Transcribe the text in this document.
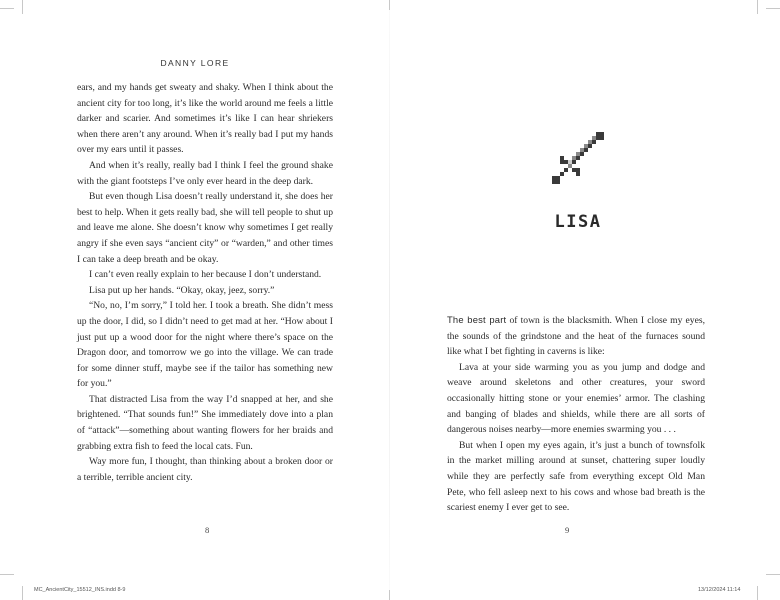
DANNY LORE

ears, and my hands get sweaty and shaky. When I think about the ancient city for too long, it’s like the world around me feels a little darker and scarier. And sometimes it’s like I can hear shriekers when there aren’t any around. When it’s really bad I put my hands over my ears until it passes.

And when it’s really, really bad I think I feel the ground shake with the giant footsteps I’ve only ever heard in the deep dark.

But even though Lisa doesn’t really understand it, she does her best to help. When it gets really bad, she will tell people to shut up and leave me alone. She doesn’t know why sometimes I get really angry if she even says “ancient city” or “warden,” and other times I can take a deep breath and be okay.

I can’t even really explain to her because I don’t understand.

Lisa put up her hands. “Okay, okay, jeez, sorry.”

“No, no, I’m sorry,” I told her. I took a breath. She didn’t mess up the door, I did, so I didn’t need to get mad at her. “How about I just put up a wood door for the night where there’s space on the Dragon door, and tomorrow we go into the village. We can trade for some dinner stuff, maybe see if the tailor has something new for you.”

That distracted Lisa from the way I’d snapped at her, and she brightened. “That sounds fun!” She immediately dove into a plan of “attack”—something about wanting flowers for her braids and grabbing extra fish to feed the local cats. Fun.

Way more fun, I thought, than thinking about a broken door or a terrible, terrible ancient city.

8
LISA

The best part of town is the blacksmith. When I close my eyes, the sounds of the grindstone and the heat of the furnaces sound like what I bet fighting in caverns is like:

Lava at your side warming you as you jump and dodge and weave around skeletons and other creatures, your sword occasionally hitting stone or your enemies’ armor. The clashing and banging of blades and shields, while there are all sorts of dangerous noises nearby—more enemies swarming you . . .

But when I open my eyes again, it’s just a bunch of townsfolk in the market milling around at sunset, chattering super loudly while they are perfectly safe from everything except Old Man Pete, who fell asleep next to his cows and whose bad breath is the scariest enemy I ever get to see.

9
MC_AncientCity_15512_INS.indd 8-9	13/12/2024 11:14
